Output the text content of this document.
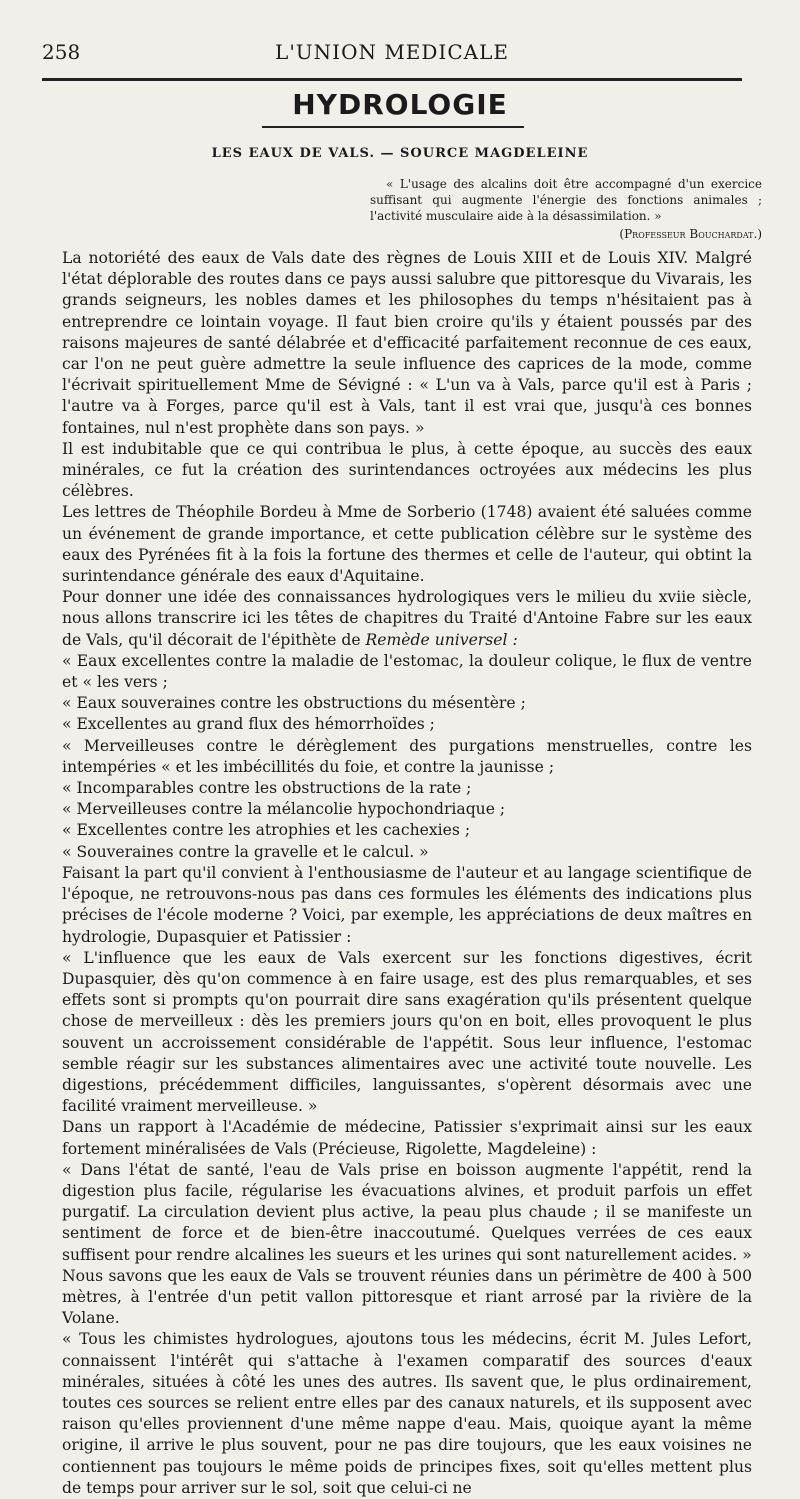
258	L'UNION MEDICALE
HYDROLOGIE
LES EAUX DE VALS. — SOURCE MAGDELEINE

« L'usage des alcalins doit être accompagné d'un exercice suffisant qui augmente l'énergie des fonctions animales ; l'activité musculaire aide à la désassimilation. »

(Professeur Bouchardat.)

La notoriété des eaux de Vals date des règnes de Louis XIII et de Louis XIV. Malgré l'état déplorable des routes dans ce pays aussi salubre que pittoresque du Vivarais, les grands seigneurs, les nobles dames et les philosophes du temps n'hésitaient pas à entreprendre ce lointain voyage. Il faut bien croire qu'ils y étaient poussés par des raisons majeures de santé délabrée et d'efficacité parfaitement reconnue de ces eaux, car l'on ne peut guère admettre la seule influence des caprices de la mode, comme l'écrivait spirituellement Mme de Sévigné : « L'un va à Vals, parce qu'il est à Paris ; l'autre va à Forges, parce qu'il est à Vals, tant il est vrai que, jusqu'à ces bonnes fontaines, nul n'est prophète dans son pays. »

Il est indubitable que ce qui contribua le plus, à cette époque, au succès des eaux minérales, ce fut la création des surintendances octroyées aux médecins les plus célèbres.

Les lettres de Théophile Bordeu à Mme de Sorberio (1748) avaient été saluées comme un événement de grande importance, et cette publication célèbre sur le système des eaux des Pyrénées fit à la fois la fortune des thermes et celle de l'auteur, qui obtint la surintendance générale des eaux d'Aquitaine.

Pour donner une idée des connaissances hydrologiques vers le milieu du xviie siècle, nous allons transcrire ici les têtes de chapitres du Traité d'Antoine Fabre sur les eaux de Vals, qu'il décorait de l'épithète de Remède universel :

« Eaux excellentes contre la maladie de l'estomac, la douleur colique, le flux de ventre et « les vers ;

« Eaux souveraines contre les obstructions du mésentère ;

« Excellentes au grand flux des hémorrhoïdes ;

« Merveilleuses contre le dérèglement des purgations menstruelles, contre les intempéries « et les imbécillités du foie, et contre la jaunisse ;

« Incomparables contre les obstructions de la rate ;

« Merveilleuses contre la mélancolie hypochondriaque ;

« Excellentes contre les atrophies et les cachexies ;

« Souveraines contre la gravelle et le calcul. »

Faisant la part qu'il convient à l'enthousiasme de l'auteur et au langage scientifique de l'époque, ne retrouvons-nous pas dans ces formules les éléments des indications plus précises de l'école moderne ? Voici, par exemple, les appréciations de deux maîtres en hydrologie, Dupasquier et Patissier :

« L'influence que les eaux de Vals exercent sur les fonctions digestives, écrit Dupasquier, dès qu'on commence à en faire usage, est des plus remarquables, et ses effets sont si prompts qu'on pourrait dire sans exagération qu'ils présentent quelque chose de merveilleux : dès les premiers jours qu'on en boit, elles provoquent le plus souvent un accroissement considérable de l'appétit. Sous leur influence, l'estomac semble réagir sur les substances alimentaires avec une activité toute nouvelle. Les digestions, précédemment difficiles, languissantes, s'opèrent désormais avec une facilité vraiment merveilleuse. »

Dans un rapport à l'Académie de médecine, Patissier s'exprimait ainsi sur les eaux fortement minéralisées de Vals (Précieuse, Rigolette, Magdeleine) :

« Dans l'état de santé, l'eau de Vals prise en boisson augmente l'appétit, rend la digestion plus facile, régularise les évacuations alvines, et produit parfois un effet purgatif. La circulation devient plus active, la peau plus chaude ; il se manifeste un sentiment de force et de bien-être inaccoutumé. Quelques verrées de ces eaux suffisent pour rendre alcalines les sueurs et les urines qui sont naturellement acides. »

Nous savons que les eaux de Vals se trouvent réunies dans un périmètre de 400 à 500 mètres, à l'entrée d'un petit vallon pittoresque et riant arrosé par la rivière de la Volane.

« Tous les chimistes hydrologues, ajoutons tous les médecins, écrit M. Jules Lefort, connaissent l'intérêt qui s'attache à l'examen comparatif des sources d'eaux minérales, situées à côté les unes des autres. Ils savent que, le plus ordinairement, toutes ces sources se relient entre elles par des canaux naturels, et ils supposent avec raison qu'elles proviennent d'une même nappe d'eau. Mais, quoique ayant la même origine, il arrive le plus souvent, pour ne pas dire toujours, que les eaux voisines ne contiennent pas toujours le même poids de principes fixes, soit qu'elles mettent plus de temps pour arriver sur le sol, soit que celui-ci ne
